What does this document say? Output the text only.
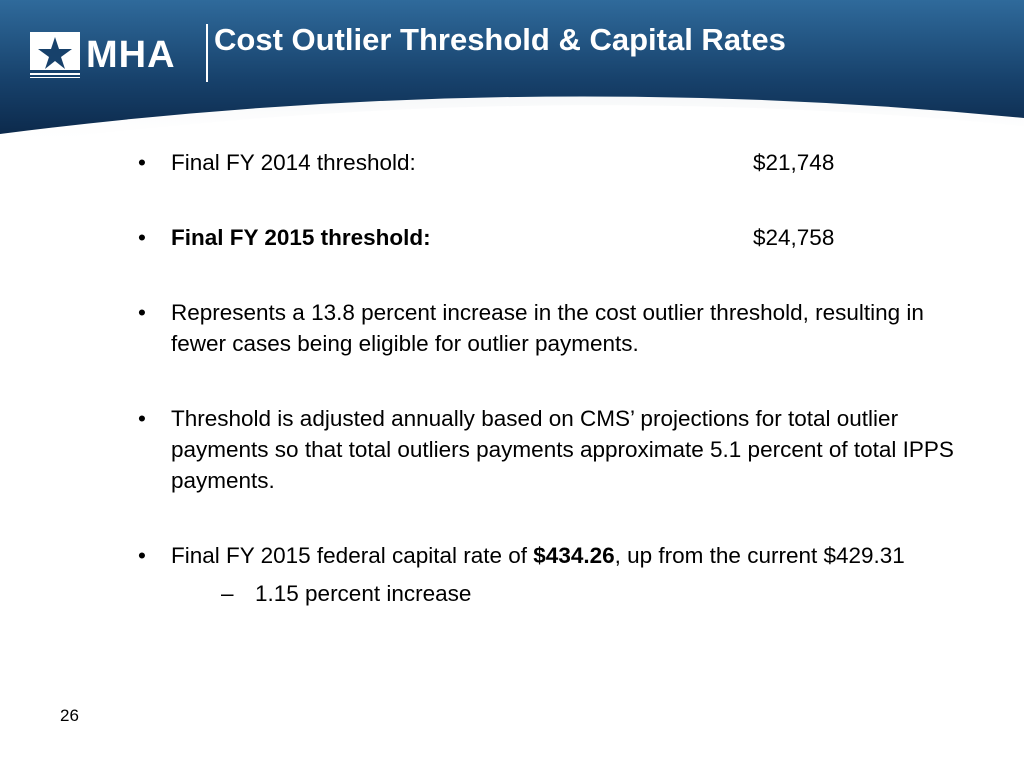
MHA Cost Outlier Threshold & Capital Rates
• Final FY 2014 threshold:	$21,748
• Final FY 2015 threshold:	$24,758
• Represents a 13.8 percent increase in the cost outlier threshold, resulting in fewer cases being eligible for outlier payments.
• Threshold is adjusted annually based on CMS’ projections for total outlier payments so that total outliers payments approximate 5.1 percent of total IPPS payments.
• Final FY 2015 federal capital rate of $434.26, up from the current $429.31
– 1.15 percent increase
26
